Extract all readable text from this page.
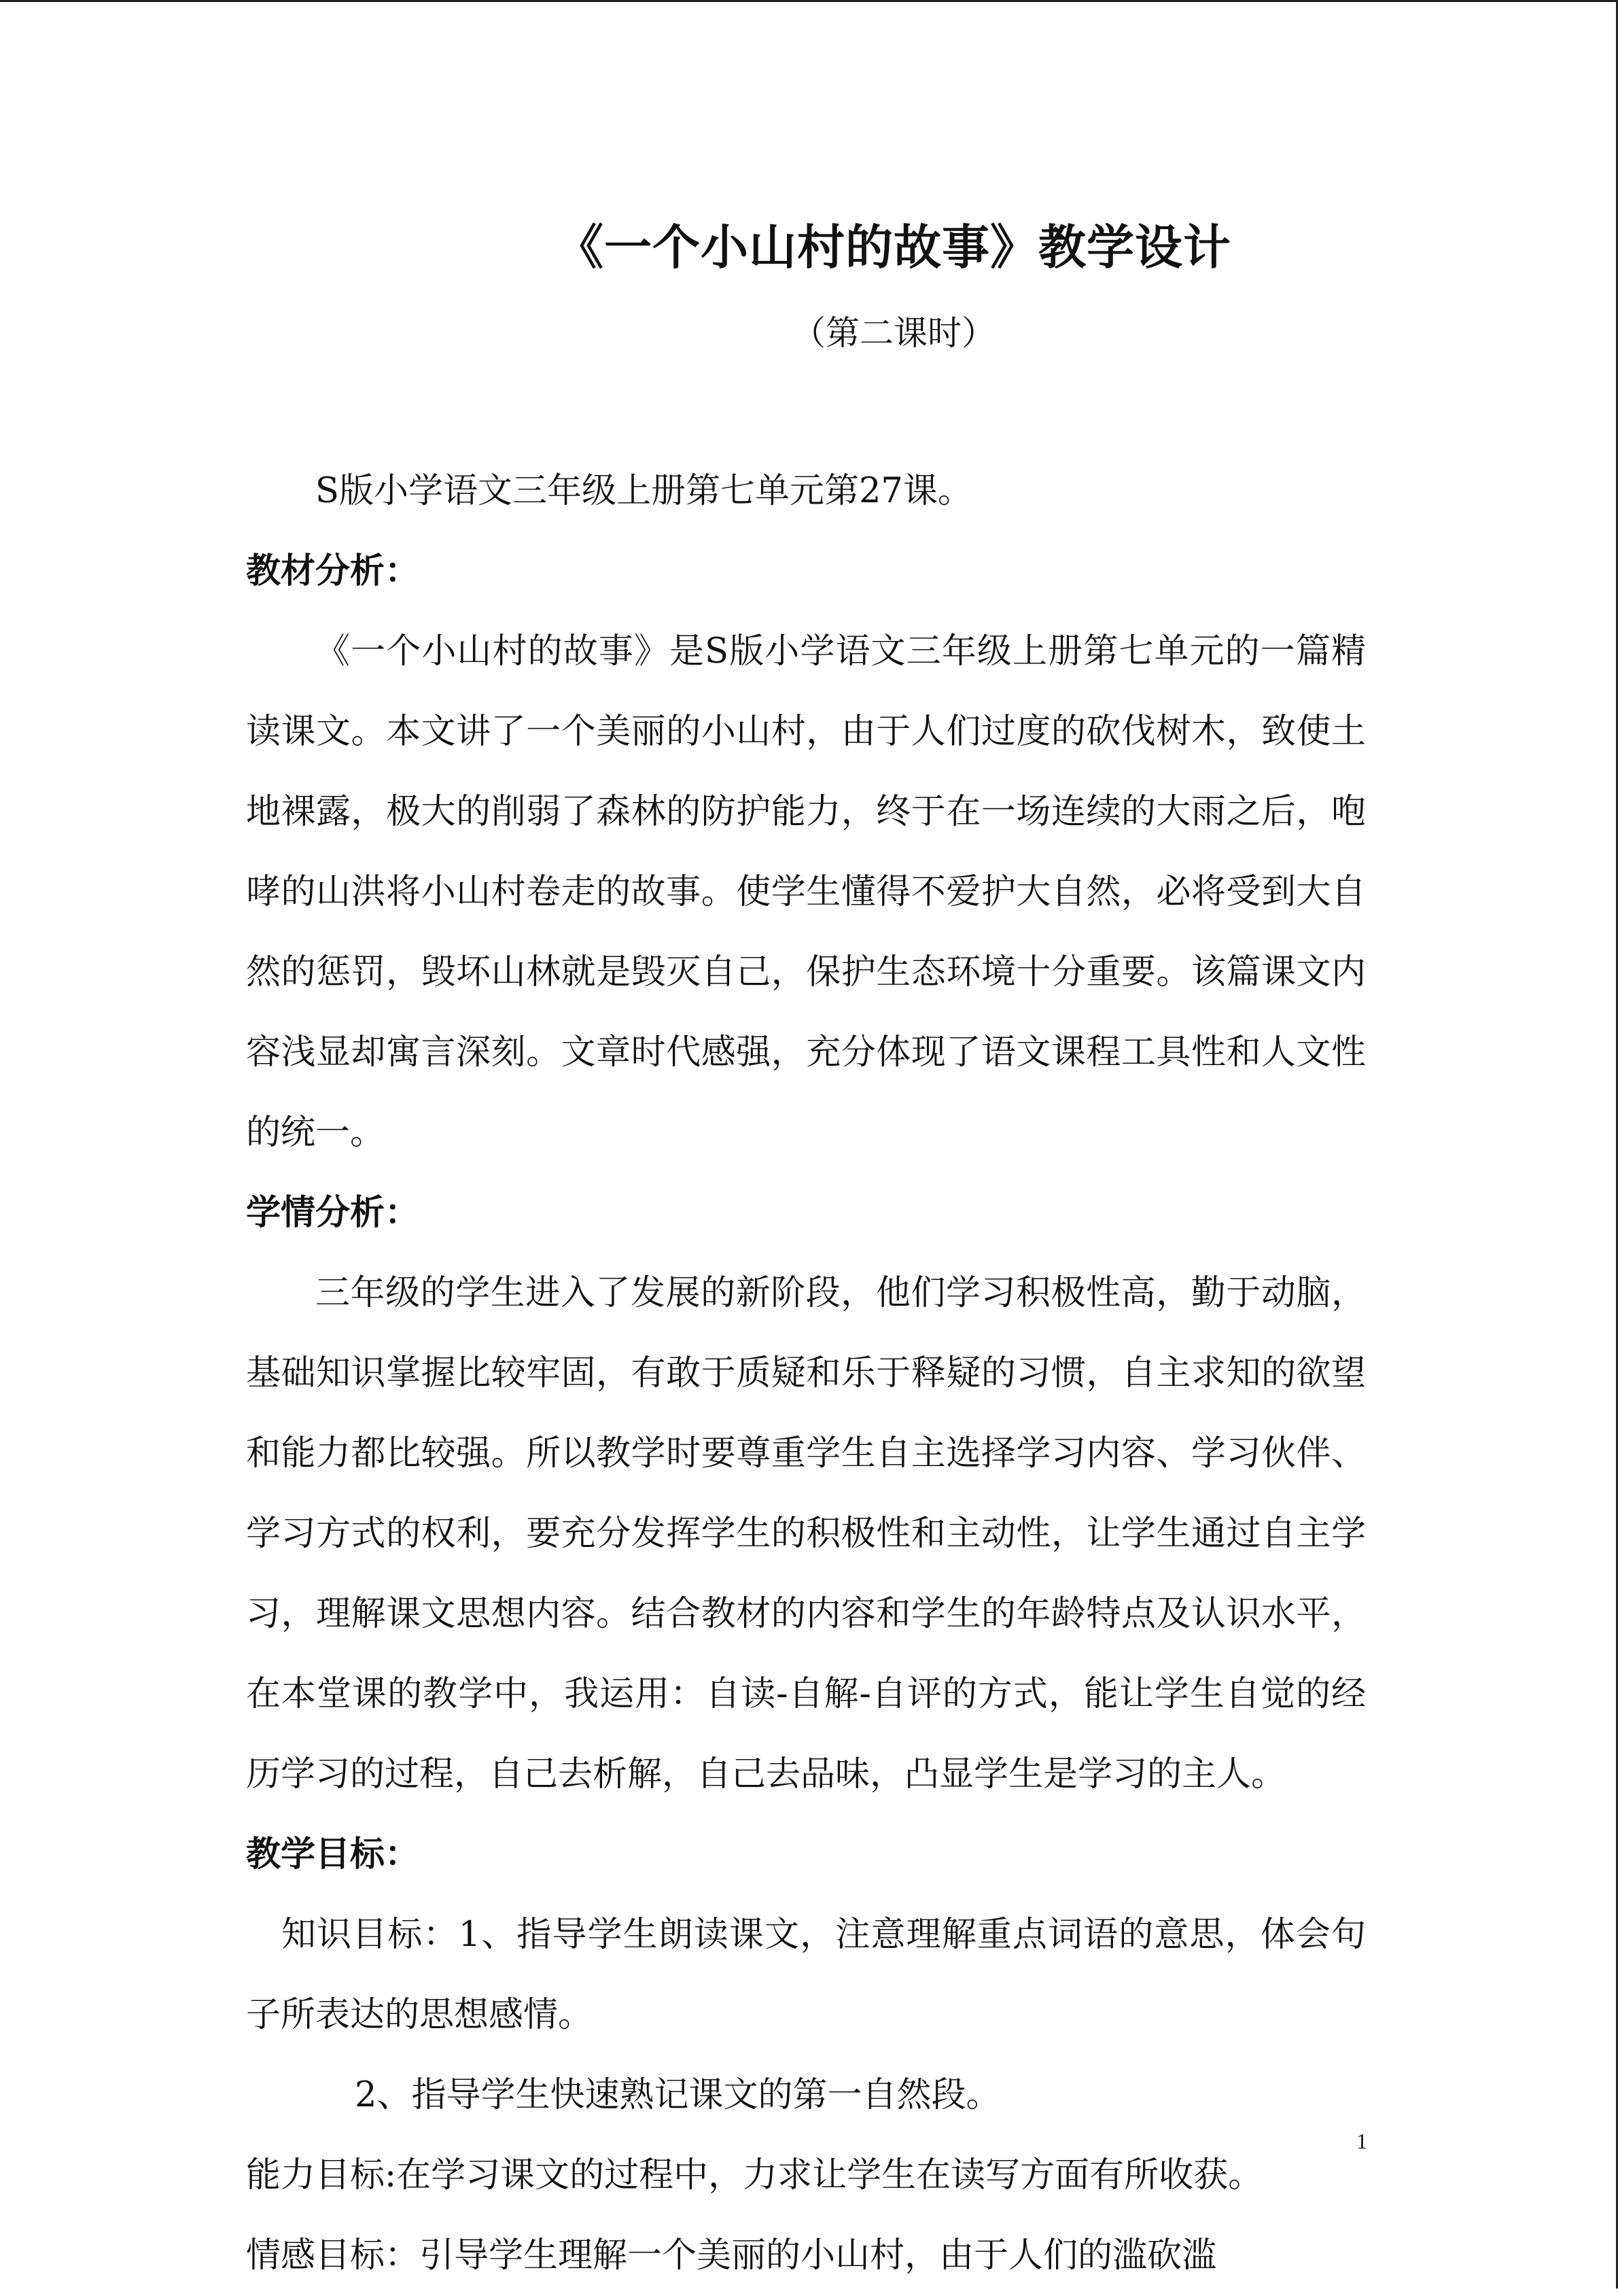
《一个小山村的故事》教学设计
（第二课时）

S版小学语文三年级上册第七单元第27课。

教材分析：

《一个小山村的故事》是S版小学语文三年级上册第七单元的一篇精读课文。本文讲了一个美丽的小山村，由于人们过度的砍伐树木，致使土地裸露，极大的削弱了森林的防护能力，终于在一场连续的大雨之后，咆哮的山洪将小山村卷走的故事。使学生懂得不爱护大自然，必将受到大自然的惩罚，毁坏山林就是毁灭自己，保护生态环境十分重要。该篇课文内容浅显却寓言深刻。文章时代感强，充分体现了语文课程工具性和人文性的统一。

学情分析：

三年级的学生进入了发展的新阶段，他们学习积极性高，勤于动脑，基础知识掌握比较牢固，有敢于质疑和乐于释疑的习惯，自主求知的欲望和能力都比较强。所以教学时要尊重学生自主选择学习内容、学习伙伴、学习方式的权利，要充分发挥学生的积极性和主动性，让学生通过自主学习，理解课文思想内容。结合教材的内容和学生的年龄特点及认识水平，在本堂课的教学中，我运用：自读-自解-自评的方式，能让学生自觉的经历学习的过程，自己去析解，自己去品味，凸显学生是学习的主人。

教学目标：

知识目标：1、指导学生朗读课文，注意理解重点词语的意思，体会句子所表达的思想感情。

2、指导学生快速熟记课文的第一自然段。

能力目标:在学习课文的过程中，力求让学生在读写方面有所收获。

情感目标：引导学生理解一个美丽的小山村，由于人们的滥砍滥

1
